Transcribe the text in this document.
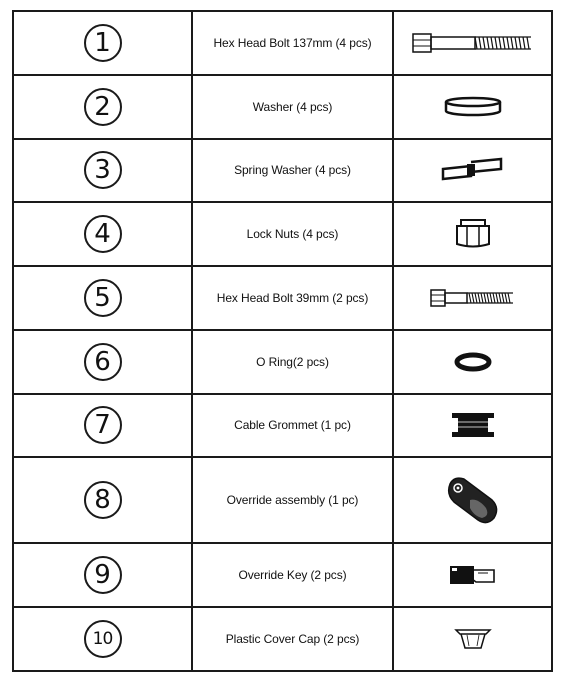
1	Hex Head Bolt 137mm (4 pcs)	

2	Washer (4 pcs)	

3	Spring Washer (4 pcs)	

4	Lock Nuts (4 pcs)	

5	Hex Head Bolt 39mm (2 pcs)	

6	O Ring(2 pcs)	

7	Cable Grommet (1 pc)	

8	Override assembly (1 pc)	

9	Override Key (2 pcs)	

10	Plastic Cover Cap (2 pcs)	
